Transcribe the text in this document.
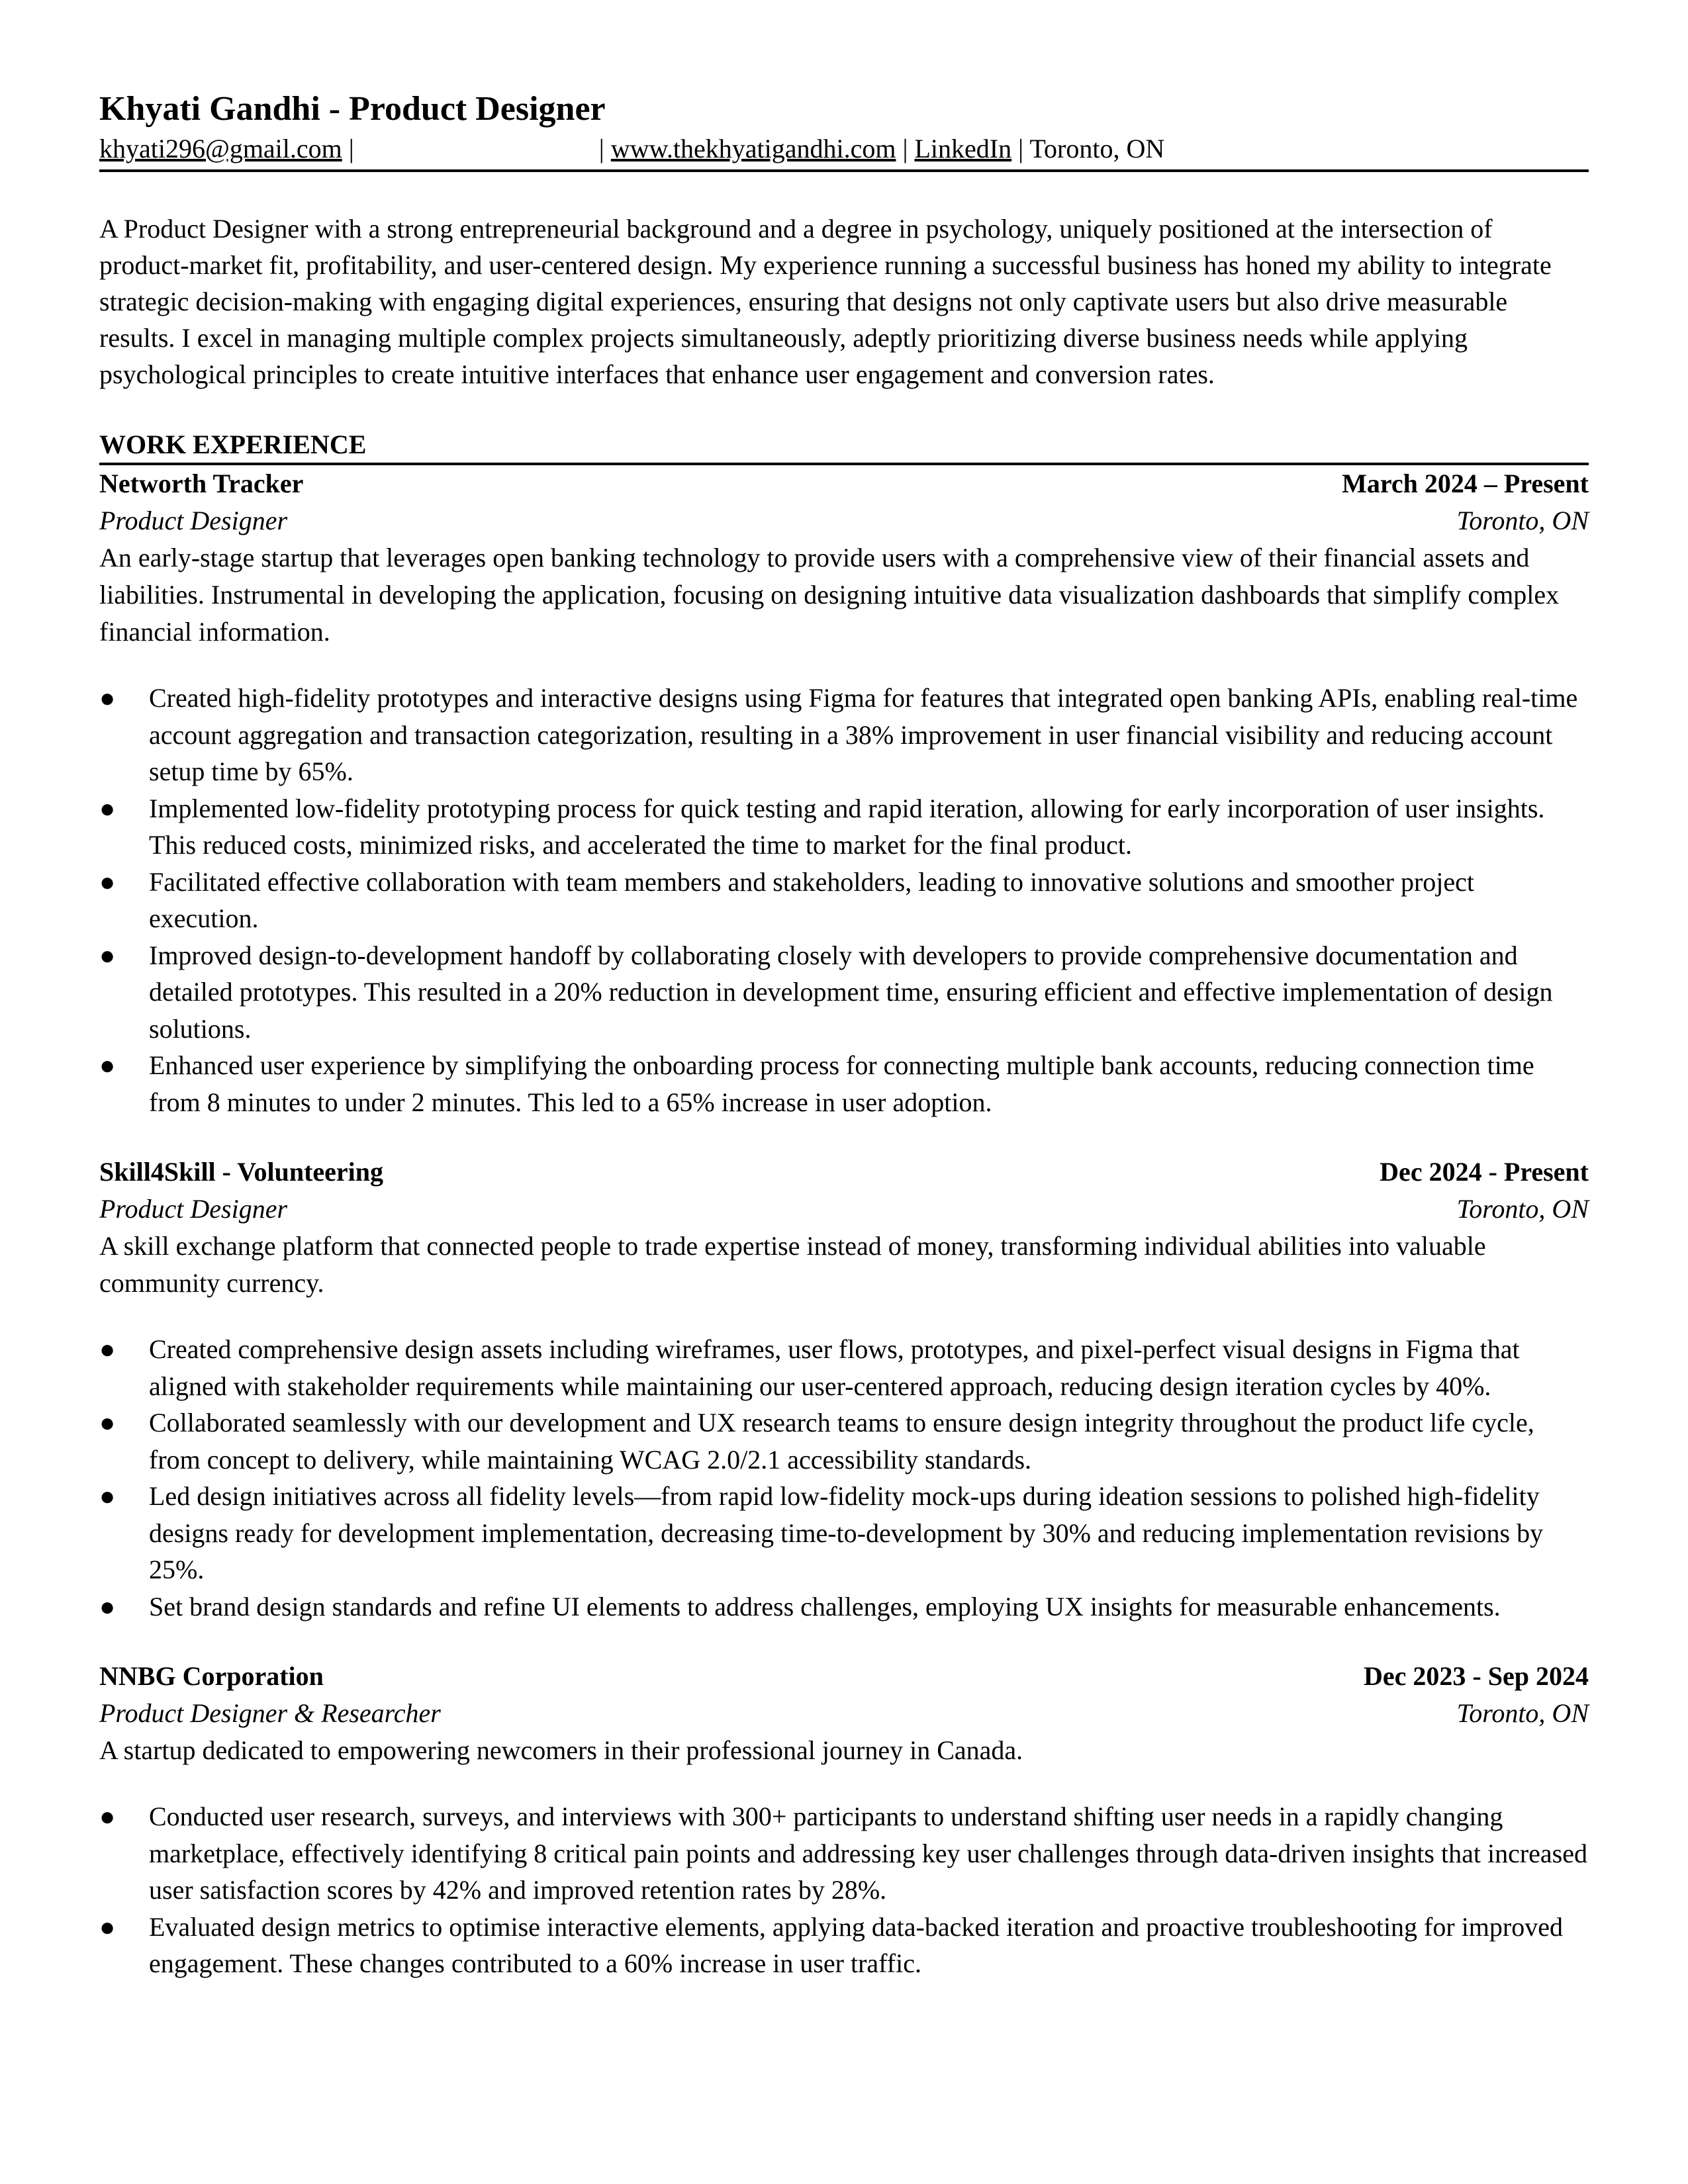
Khyati Gandhi - Product Designer
khyati296@gmail.com |	| www.thekhyatigandhi.com | LinkedIn | Toronto, ON
A Product Designer with a strong entrepreneurial background and a degree in psychology, uniquely positioned at the intersection of product-market fit, profitability, and user-centered design. My experience running a successful business has honed my ability to integrate strategic decision-making with engaging digital experiences, ensuring that designs not only captivate users but also drive measurable results. I excel in managing multiple complex projects simultaneously, adeptly prioritizing diverse business needs while applying psychological principles to create intuitive interfaces that enhance user engagement and conversion rates.
WORK EXPERIENCE
Networth Tracker	March 2024 – Present
Product Designer	Toronto, ON
An early-stage startup that leverages open banking technology to provide users with a comprehensive view of their financial assets and liabilities. Instrumental in developing the application, focusing on designing intuitive data visualization dashboards that simplify complex financial information.
●	Created high-fidelity prototypes and interactive designs using Figma for features that integrated open banking APIs, enabling real-time account aggregation and transaction categorization, resulting in a 38% improvement in user financial visibility and reducing account setup time by 65%.
●	Implemented low-fidelity prototyping process for quick testing and rapid iteration, allowing for early incorporation of user insights. This reduced costs, minimized risks, and accelerated the time to market for the final product.
●	Facilitated effective collaboration with team members and stakeholders, leading to innovative solutions and smoother project execution.
●	Improved design-to-development handoff by collaborating closely with developers to provide comprehensive documentation and detailed prototypes. This resulted in a 20% reduction in development time, ensuring efficient and effective implementation of design solutions.
●	Enhanced user experience by simplifying the onboarding process for connecting multiple bank accounts, reducing connection time from 8 minutes to under 2 minutes. This led to a 65% increase in user adoption.
Skill4Skill - Volunteering	Dec 2024 - Present
Product Designer	Toronto, ON
A skill exchange platform that connected people to trade expertise instead of money, transforming individual abilities into valuable community currency.
●	Created comprehensive design assets including wireframes, user flows, prototypes, and pixel-perfect visual designs in Figma that aligned with stakeholder requirements while maintaining our user-centered approach, reducing design iteration cycles by 40%.
●	Collaborated seamlessly with our development and UX research teams to ensure design integrity throughout the product life cycle, from concept to delivery, while maintaining WCAG 2.0/2.1 accessibility standards.
●	Led design initiatives across all fidelity levels—from rapid low-fidelity mock-ups during ideation sessions to polished high-fidelity designs ready for development implementation, decreasing time-to-development by 30% and reducing implementation revisions by 25%.
●	Set brand design standards and refine UI elements to address challenges, employing UX insights for measurable enhancements.
NNBG Corporation	Dec 2023 - Sep 2024
Product Designer & Researcher	Toronto, ON
A startup dedicated to empowering newcomers in their professional journey in Canada.
●	Conducted user research, surveys, and interviews with 300+ participants to understand shifting user needs in a rapidly changing marketplace, effectively identifying 8 critical pain points and addressing key user challenges through data-driven insights that increased user satisfaction scores by 42% and improved retention rates by 28%.
●	Evaluated design metrics to optimise interactive elements, applying data-backed iteration and proactive troubleshooting for improved engagement. These changes contributed to a 60% increase in user traffic.
